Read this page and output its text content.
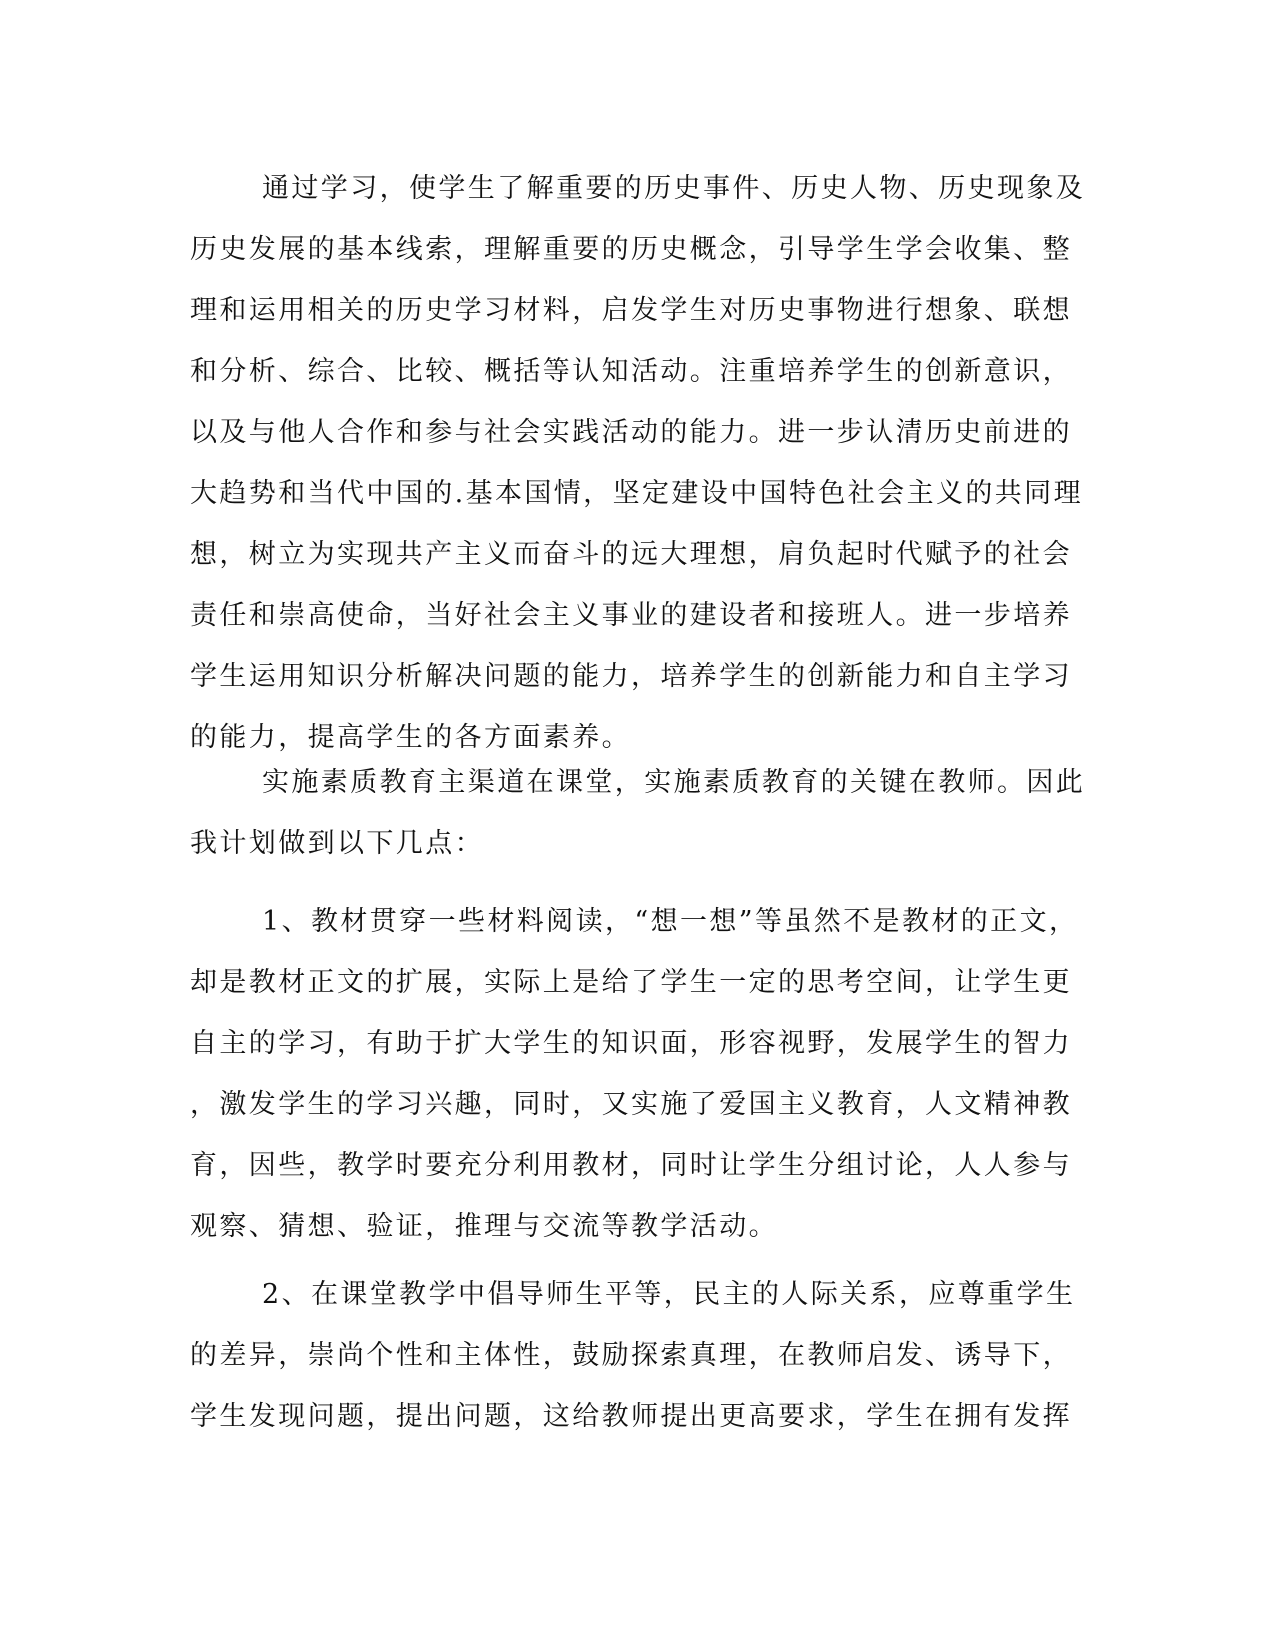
通过学习，使学生了解重要的历史事件、历史人物、历史现象及
历史发展的基本线索，理解重要的历史概念，引导学生学会收集、整
理和运用相关的历史学习材料，启发学生对历史事物进行想象、联想
和分析、综合、比较、概括等认知活动。注重培养学生的创新意识，
以及与他人合作和参与社会实践活动的能力。进一步认清历史前进的
大趋势和当代中国的.基本国情，坚定建设中国特色社会主义的共同理
想，树立为实现共产主义而奋斗的远大理想，肩负起时代赋予的社会
责任和崇高使命，当好社会主义事业的建设者和接班人。进一步培养
学生运用知识分析解决问题的能力，培养学生的创新能力和自主学习
的能力，提高学生的各方面素养。
实施素质教育主渠道在课堂，实施素质教育的关键在教师。因此
我计划做到以下几点：
1、教材贯穿一些材料阅读，“想一想”等虽然不是教材的正文，
却是教材正文的扩展，实际上是给了学生一定的思考空间，让学生更
自主的学习，有助于扩大学生的知识面，形容视野，发展学生的智力
，激发学生的学习兴趣，同时，又实施了爱国主义教育，人文精神教
育，因些，教学时要充分利用教材，同时让学生分组讨论，人人参与
观察、猜想、验证，推理与交流等教学活动。
2、在课堂教学中倡导师生平等，民主的人际关系，应尊重学生
的差异，崇尚个性和主体性，鼓励探索真理，在教师启发、诱导下，
学生发现问题，提出问题，这给教师提出更高要求，学生在拥有发挥
